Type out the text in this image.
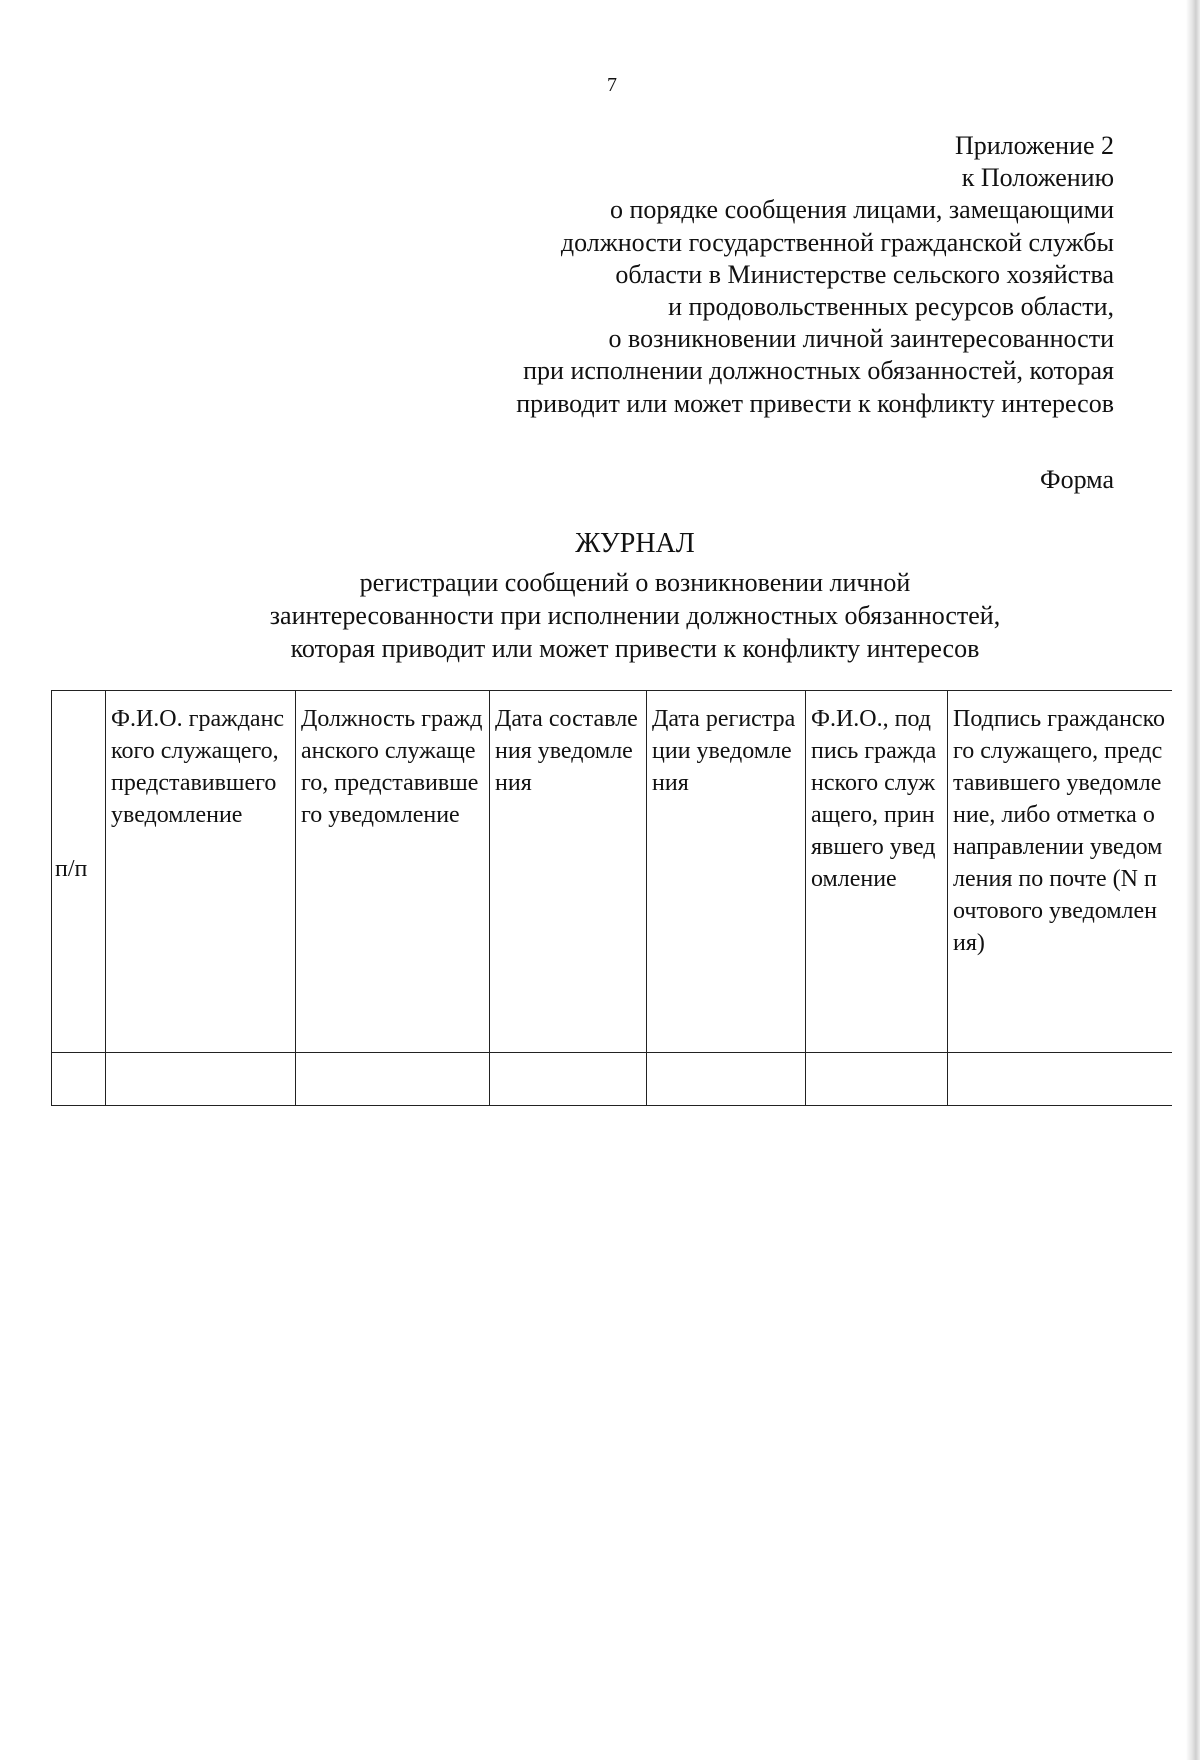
7
Приложение 2
к Положению
о порядке сообщения лицами, замещающими
должности государственной гражданской службы
области в Министерстве сельского хозяйства
и продовольственных ресурсов области,
о возникновении личной заинтересованности
при исполнении должностных обязанностей, которая
приводит или может привести к конфликту интересов
Форма
ЖУРНАЛ
регистрации сообщений о возникновении личной
заинтересованности при исполнении должностных обязанностей,
которая приводит или может привести к конфликту интересов
п/п	Ф.И.О. гражданского служащего, представившего уведомление	Должность гражданского служащего, представившего уведомление	Дата составления уведомления	Дата регистрации уведомления	Ф.И.О., подпись гражданского служащего, принявшего уведомление	Подпись гражданского служащего, представившего уведомление, либо отметка о направлении уведомления по почте (N почтового уведомления)
